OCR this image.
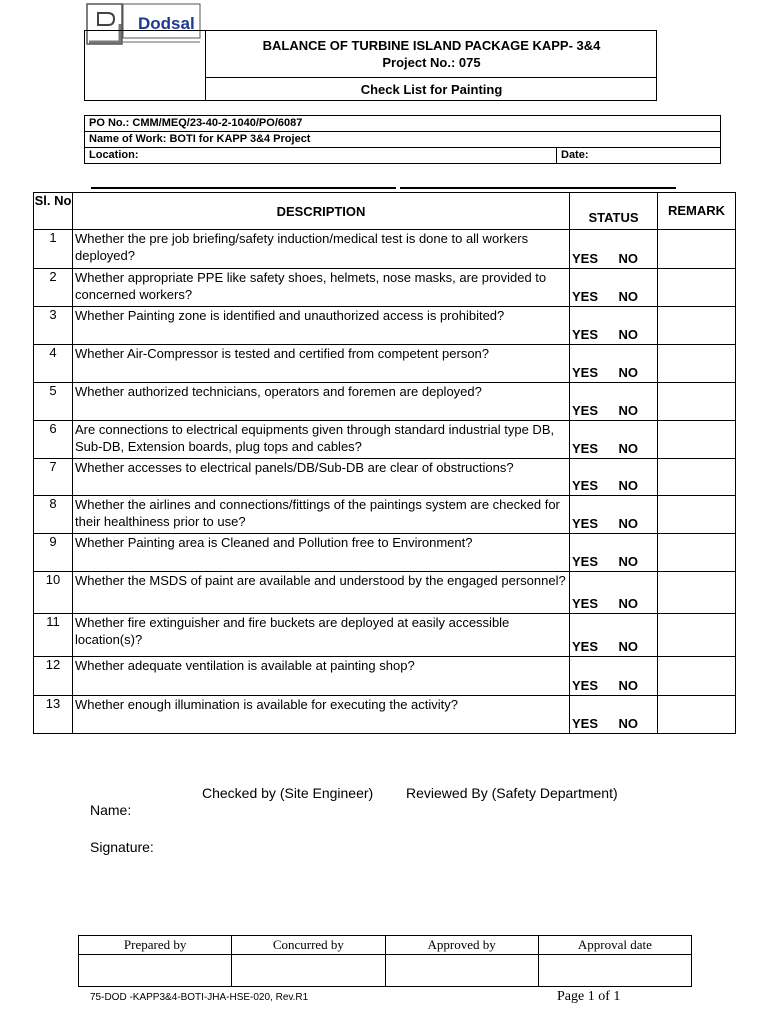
Dodsal
BALANCE OF TURBINE ISLAND PACKAGE KAPP- 3&4
Project No.: 075
Check List for Painting
PO No.: CMM/MEQ/23-40-2-1040/PO/6087
Name of Work: BOTI for KAPP 3&4 Project
Location:	Date:
Sl. No	DESCRIPTION	STATUS		REMARK
1	Whether the pre job briefing/safety induction/medical test is done to all workers deployed?	YES	NO	
2	Whether appropriate PPE like safety shoes, helmets, nose masks, are provided to concerned workers?	YES	NO	
3	Whether Painting zone is identified and unauthorized access is prohibited?	YES	NO	
4	Whether Air-Compressor is tested and certified from competent person?	YES	NO	
5	Whether authorized technicians, operators and foremen are deployed?	YES	NO	
6	Are connections to electrical equipments given through standard industrial type DB, Sub-DB, Extension boards, plug tops and cables?	YES	NO	
7	Whether accesses to electrical panels/DB/Sub-DB are clear of obstructions?	YES	NO	
8	Whether the airlines and connections/fittings of the paintings system are checked for their healthiness prior to use?	YES	NO	
9	Whether Painting area is Cleaned and Pollution free to Environment?	YES	NO	
10	Whether the MSDS of paint are available and understood by the engaged personnel?	YES	NO	
11	Whether fire extinguisher and fire buckets are deployed at easily accessible location(s)?	YES	NO	
12	Whether adequate ventilation is available at painting shop?	YES	NO	
13	Whether enough illumination is available for executing the activity?	YES	NO	
Checked by (Site Engineer) Reviewed By (Safety Department)
Name:
Signature:
Prepared by	Concurred by	Approved by	Approval date

75-DOD -KAPP3&4-BOTI-JHA-HSE-020, Rev.R1	Page 1 of 1
